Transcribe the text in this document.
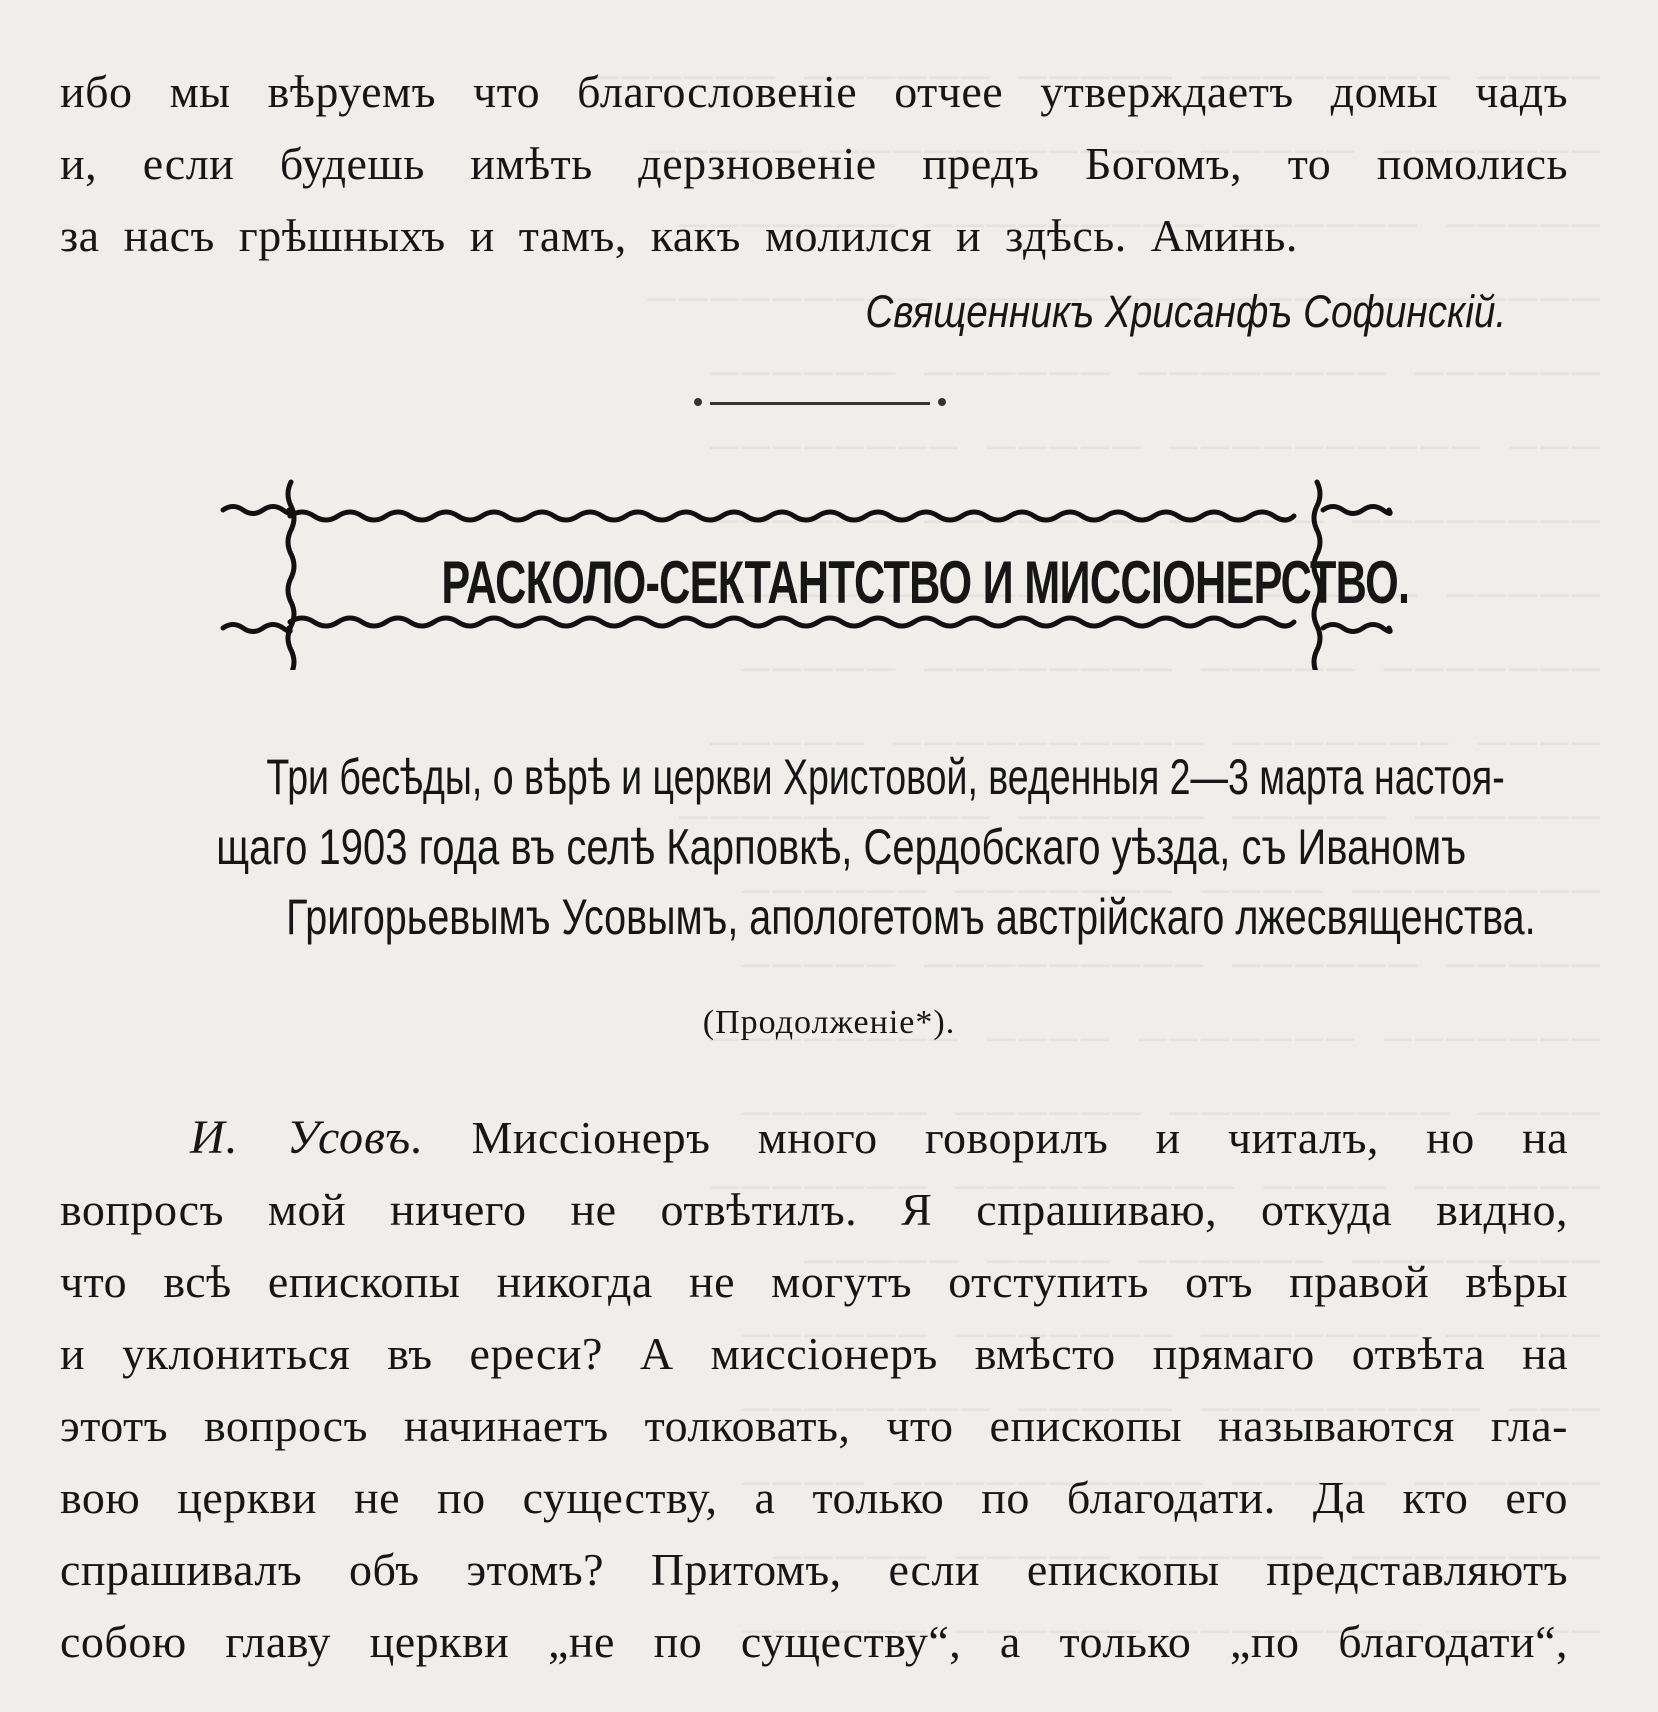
ибо мы вѣруемъ что благословеніе отчее утверждаетъ домы чадъ
и, если будешь имѣть дерзновеніе предъ Богомъ, то помолись
за насъ грѣшныхъ и тамъ, какъ молился и здѣсь. Аминь.
Священникъ Хрисанфъ Софинскій.
РАСКОЛО-СЕКТАНТСТВО И МИССІОНЕРСТВО.
Три бесѣды, о вѣрѣ и церкви Христовой, веденныя 2—3 марта настоя-
щаго 1903 года въ селѣ Карповкѣ, Сердобскаго уѣзда, съ Иваномъ
Григорьевымъ Усовымъ, апологетомъ австрійскаго лжесвященства.
(Продолженіе*).
И. Усовъ. Миссіонеръ много говорилъ и читалъ, но на
вопросъ мой ничего не отвѣтилъ. Я спрашиваю, откуда видно,
что всѣ епископы никогда не могутъ отступить отъ правой вѣры
и уклониться въ ереси? А миссіонеръ вмѣсто прямаго отвѣта на
этотъ вопросъ начинаетъ толковать, что епископы называются гла-
вою церкви не по существу, а только по благодати. Да кто его
спрашивалъ объ этомъ? Притомъ, если епископы представляютъ
собою главу церкви „не по существу“, а только „по благодати“,
